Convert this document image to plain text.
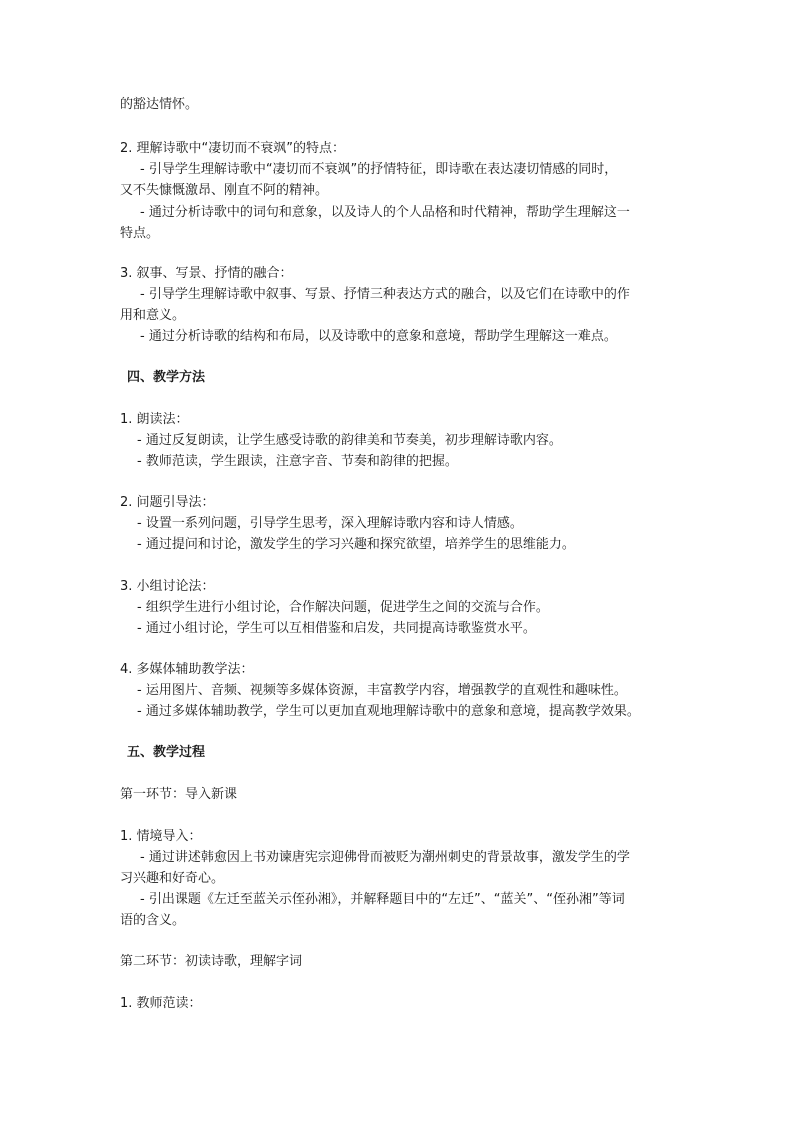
的豁达情怀。
2. 理解诗歌中“凄切而不衰飒”的特点：
- 引导学生理解诗歌中“凄切而不衰飒”的抒情特征，即诗歌在表达凄切情感的同时，
又不失慷慨激昂、刚直不阿的精神。
- 通过分析诗歌中的词句和意象，以及诗人的个人品格和时代精神，帮助学生理解这一
特点。
3. 叙事、写景、抒情的融合：
- 引导学生理解诗歌中叙事、写景、抒情三种表达方式的融合，以及它们在诗歌中的作
用和意义。
- 通过分析诗歌的结构和布局，以及诗歌中的意象和意境，帮助学生理解这一难点。
四、教学方法
1. 朗读法：
- 通过反复朗读，让学生感受诗歌的韵律美和节奏美，初步理解诗歌内容。
- 教师范读，学生跟读，注意字音、节奏和韵律的把握。
2. 问题引导法：
- 设置一系列问题，引导学生思考，深入理解诗歌内容和诗人情感。
- 通过提问和讨论，激发学生的学习兴趣和探究欲望，培养学生的思维能力。
3. 小组讨论法：
- 组织学生进行小组讨论，合作解决问题，促进学生之间的交流与合作。
- 通过小组讨论，学生可以互相借鉴和启发，共同提高诗歌鉴赏水平。
4. 多媒体辅助教学法：
- 运用图片、音频、视频等多媒体资源，丰富教学内容，增强教学的直观性和趣味性。
- 通过多媒体辅助教学，学生可以更加直观地理解诗歌中的意象和意境，提高教学效果。
五、教学过程
第一环节：导入新课
1. 情境导入：
- 通过讲述韩愈因上书劝谏唐宪宗迎佛骨而被贬为潮州刺史的背景故事，激发学生的学
习兴趣和好奇心。
- 引出课题《左迁至蓝关示侄孙湘》，并解释题目中的“左迁”、“蓝关”、“侄孙湘”等词
语的含义。
第二环节：初读诗歌，理解字词
1. 教师范读：
